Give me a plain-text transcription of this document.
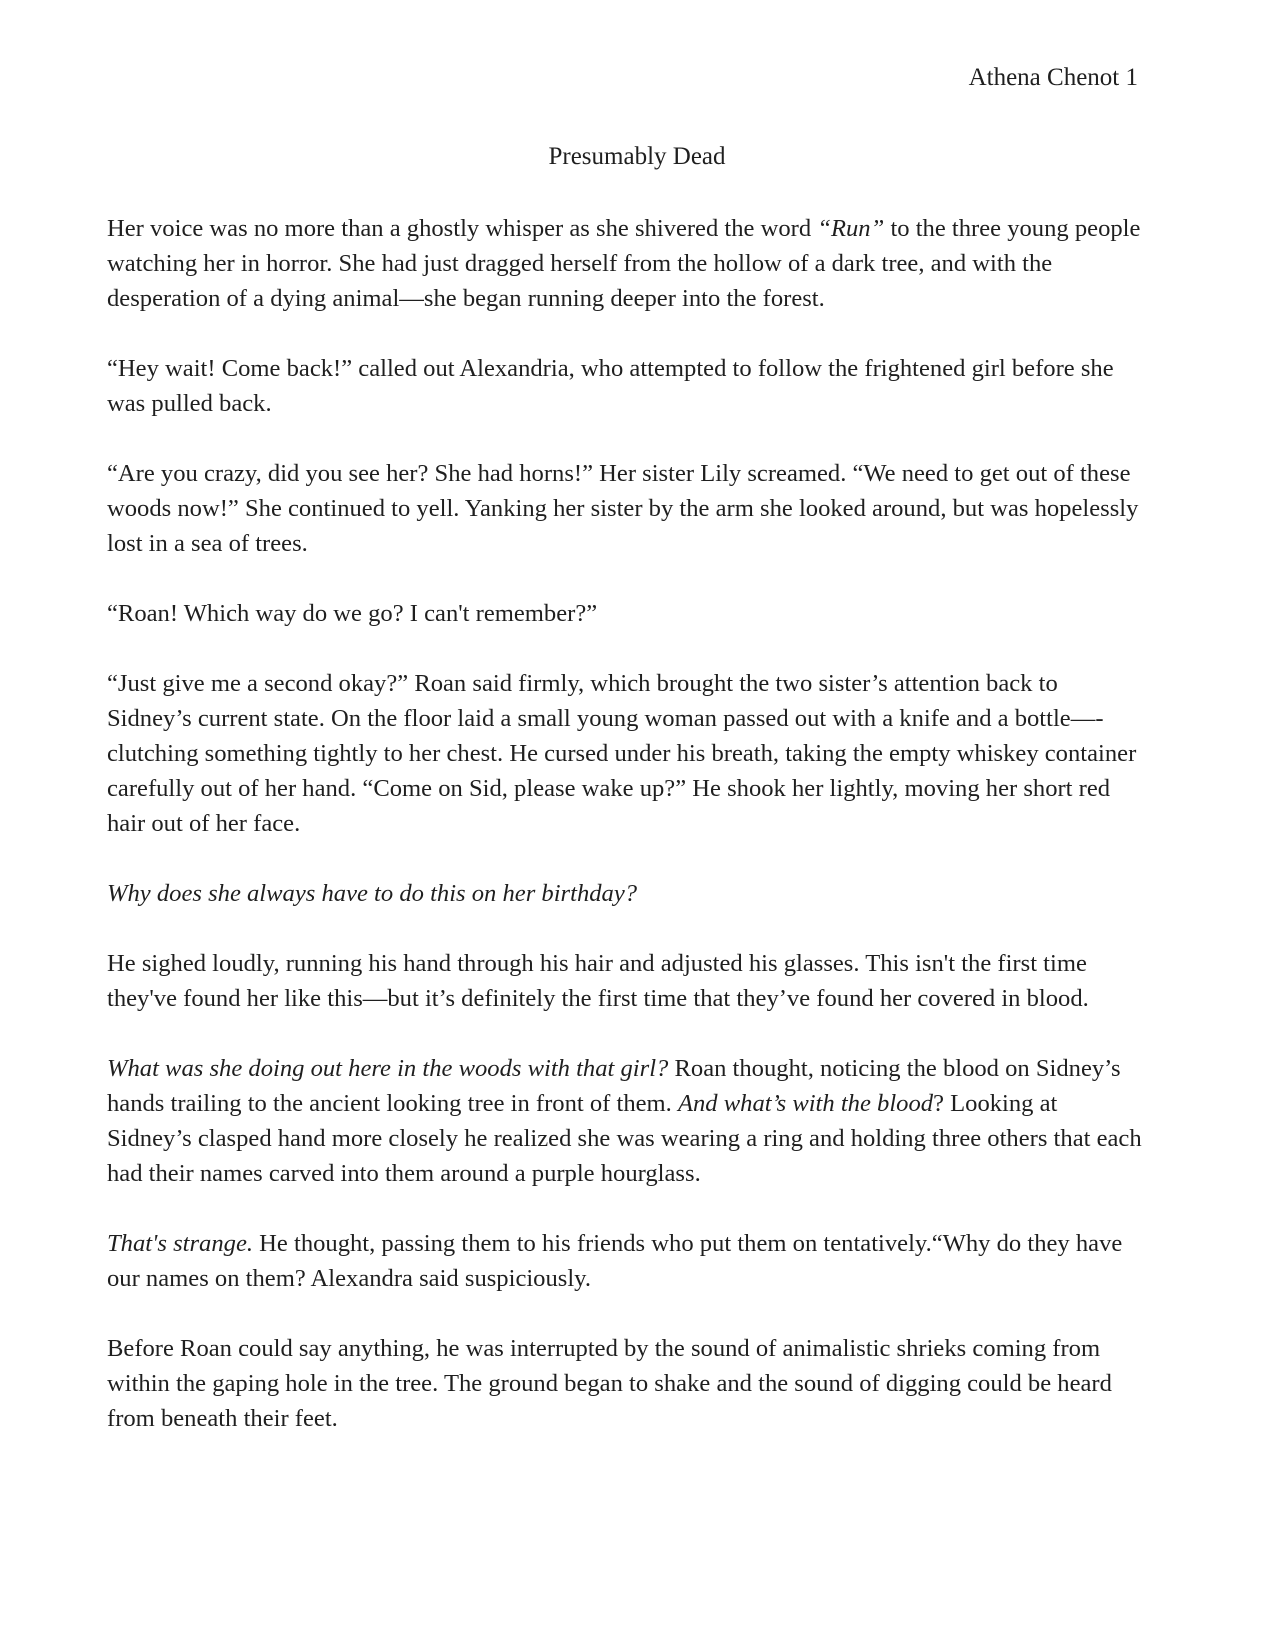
Athena Chenot 1
Presumably Dead

Her voice was no more than a ghostly whisper as she shivered the word “Run” to the three young people watching her in horror. She had just dragged herself from the hollow of a dark tree, and with the desperation of a dying animal—she began running deeper into the forest.

“Hey wait! Come back!” called out Alexandria, who attempted to follow the frightened girl before she was pulled back.

“Are you crazy, did you see her? She had horns!” Her sister Lily screamed. “We need to get out of these woods now!” She continued to yell. Yanking her sister by the arm she looked around, but was hopelessly lost in a sea of trees.

“Roan! Which way do we go? I can't remember?”

“Just give me a second okay?” Roan said firmly, which brought the two sister’s attention back to Sidney’s current state. On the floor laid a small young woman passed out with a knife and a bottle—-clutching something tightly to her chest. He cursed under his breath, taking the empty whiskey container carefully out of her hand. “Come on Sid, please wake up?” He shook her lightly, moving her short red hair out of her face.

Why does she always have to do this on her birthday?

He sighed loudly, running his hand through his hair and adjusted his glasses. This isn't the first time they've found her like this—but it’s definitely the first time that they’ve found her covered in blood.

What was she doing out here in the woods with that girl? Roan thought, noticing the blood on Sidney’s hands trailing to the ancient looking tree in front of them. And what’s with the blood? Looking at Sidney’s clasped hand more closely he realized she was wearing a ring and holding three others that each had their names carved into them around a purple hourglass.

That's strange. He thought, passing them to his friends who put them on tentatively.“Why do they have our names on them? Alexandra said suspiciously.

Before Roan could say anything, he was interrupted by the sound of animalistic shrieks coming from within the gaping hole in the tree. The ground began to shake and the sound of digging could be heard from beneath their feet.
